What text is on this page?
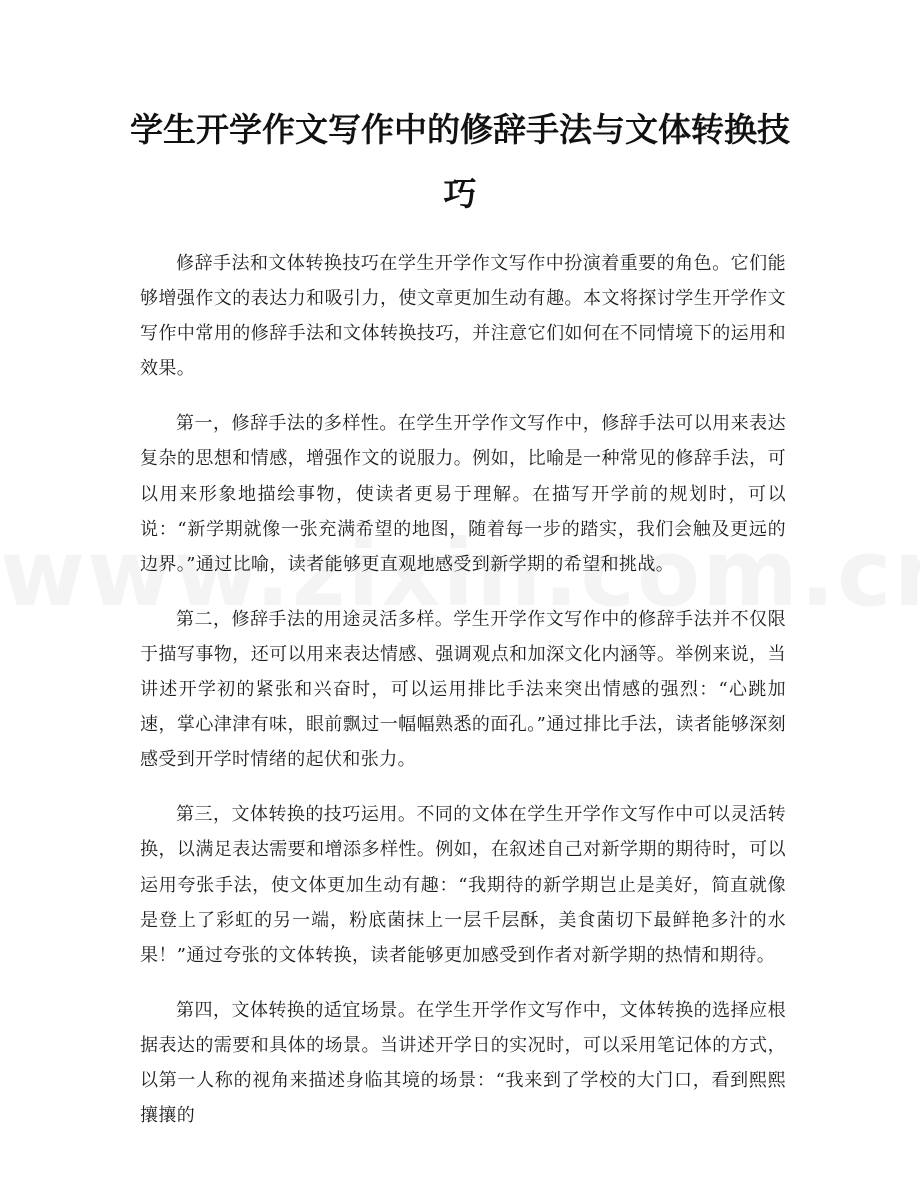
学生开学作文写作中的修辞手法与文体转换技巧

修辞手法和文体转换技巧在学生开学作文写作中扮演着重要的角色。它们能够增强作文的表达力和吸引力，使文章更加生动有趣。本文将探讨学生开学作文写作中常用的修辞手法和文体转换技巧，并注意它们如何在不同情境下的运用和效果。

第一，修辞手法的多样性。在学生开学作文写作中，修辞手法可以用来表达复杂的思想和情感，增强作文的说服力。例如，比喻是一种常见的修辞手法，可以用来形象地描绘事物，使读者更易于理解。在描写开学前的规划时，可以说：“新学期就像一张充满希望的地图，随着每一步的踏实，我们会触及更远的边界。”通过比喻，读者能够更直观地感受到新学期的希望和挑战。

第二，修辞手法的用途灵活多样。学生开学作文写作中的修辞手法并不仅限于描写事物，还可以用来表达情感、强调观点和加深文化内涵等。举例来说，当讲述开学初的紧张和兴奋时，可以运用排比手法来突出情感的强烈：“心跳加速，掌心津津有味，眼前飘过一幅幅熟悉的面孔。”通过排比手法，读者能够深刻感受到开学时情绪的起伏和张力。

第三，文体转换的技巧运用。不同的文体在学生开学作文写作中可以灵活转换，以满足表达需要和增添多样性。例如，在叙述自己对新学期的期待时，可以运用夸张手法，使文体更加生动有趣：“我期待的新学期岂止是美好，简直就像是登上了彩虹的另一端，粉底菌抹上一层千层酥，美食菌切下最鲜艳多汁的水果！”通过夸张的文体转换，读者能够更加感受到作者对新学期的热情和期待。

第四，文体转换的适宜场景。在学生开学作文写作中，文体转换的选择应根据表达的需要和具体的场景。当讲述开学日的实况时，可以采用笔记体的方式，以第一人称的视角来描述身临其境的场景：“我来到了学校的大门口，看到熙熙攘攘的
